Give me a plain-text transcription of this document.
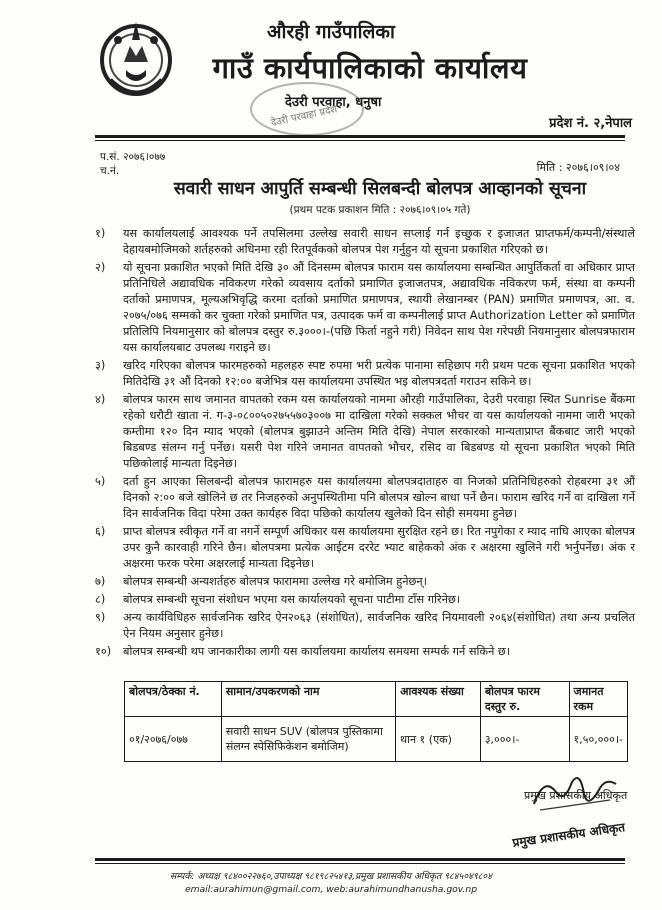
औरही गाउँपालिका
गाउँ कार्यपालिकाको कार्यालय
देउरी परवाहा प्रदेश
देउरी परवाहा, धनुषा
प्रदेश नं. २,नेपाल
प.सं. २०७६।०७७
च.नं.	मिति : २०७६।०९।०४
सवारी साधन आपुर्ति सम्बन्धी सिलबन्दी बोलपत्र आव्हानको सूचना
(प्रथम पटक प्रकाशन मिति : २०७६।०९।०५ गते)
१)	यस कार्यालयलाई आवश्यक पर्ने तपसिलमा उल्लेख सवारी साधन सप्लाई गर्न इच्छुक र इजाजत प्राप्तफर्म/कम्पनी/संस्थाले देहायबमोजिमको शर्तहरुको अधिनमा रही रितपूर्वकको बोलपत्र पेश गर्नुहुन यो सूचना प्रकाशित गरिएको छ।
२)	यो सूचना प्रकाशित भएको मिति देखि ३० औं दिनसम्म बोलपत्र फाराम यस कार्यालयमा सम्बन्धित आपुर्तिकर्ता वा अधिकार प्राप्त प्रतिनिधिले अद्यावधिक नविकरण गरेको व्यवसाय दर्ताको प्रमाणित इजाजतपत्र, अद्यावधिक नविकरण फर्म, संस्था वा कम्पनी दर्ताको प्रमाणपत्र, मूल्यअभिवृद्धि करमा दर्ताको प्रमाणित प्रमाणपत्र, स्थायी लेखानम्बर (PAN) प्रमाणित प्रमाणपत्र, आ. व. २०७५/०७६ सम्मको कर चुक्ता गरेको प्रमाणित पत्र, उत्पादक फर्म वा कम्पनीलाई प्राप्त Authorization Letter को प्रमाणित प्रतिलिपि नियमानुसार को बोलपत्र दस्तुर रु.३०००।-(पछि फिर्ता नहुने गरी) निवेदन साथ पेश गरेपछी नियमानुसार बोलपत्रफाराम यस कार्यालयबाट उपलब्ध गराइने छ।
३)	खरिद गरिएका बोलपत्र फारमहरुको महलहरु स्पष्ट रुपमा भरी प्रत्येक पानामा सहिछाप गरी प्रथम पटक सूचना प्रकाशित भएको मितिदेखि ३१ औं दिनको १२:०० बजेभित्र यस कार्यालयमा उपस्थित भइ बोलपत्रदर्ता गराउन सकिने छ।
४)	बोलपत्र फारम साथ जमानत वापतको रकम यस कार्यालयको नाममा औरही गाउँपालिका, देउरी परवाहा स्थित Sunrise बैंकमा रहेको धरौटी खाता नं. ग-३-०८००५०२७५५७०३००७ मा दाखिला गरेको सक्कल भौचर वा यस कार्यालयको नाममा जारी भएको कम्तीमा १२० दिन म्याद भएको (बोलपत्र बुझाउने अन्तिम मिति देखि) नेपाल सरकारको मान्यताप्राप्त बैंकबाट जारी भएको बिडबण्ड संलग्न गर्नु पर्नेछ। यसरी पेश गरिने जमानत वापतको भौचर, रसिद वा बिडबण्ड यो सूचना प्रकाशित भएको मिति पछिकोलाई मान्यता दिइनेछ।
५)	दर्ता हुन आएका सिलबन्दी बोलपत्र फारामहरु यस कार्यालयमा बोलपत्रदाताहरु वा निजको प्रतिनिधिहरुको रोहबरमा ३१ औं दिनको २:०० बजे खोलिने छ तर निजहरुको अनुपस्थितीमा पनि बोलपत्र खोल्न बाधा पर्ने छैन। फाराम खरिद गर्ने वा दाखिला गर्ने दिन सार्वजनिक विदा परेमा उक्त कार्यहरु विदा पछिको कार्यालय खुलेको दिन सोही समयमा हुनेछ।
६)	प्राप्त बोलपत्र स्वीकृत गर्ने वा नगर्ने सम्पूर्ण अधिकार यस कार्यालयमा सुरक्षित रहने छ। रित नपुगेका र म्याद नाघि आएका बोलपत्र उपर कुनै कारवाही गरिने छैन। बोलपत्रमा प्रत्येक आईटम दररेट भ्याट बाहेकको अंक र अक्षरमा खुलिने गरी भर्नुपर्नेछ। अंक र अक्षरमा फरक परेमा अक्षरलाई मान्यता दिइनेछ।
७)	बोलपत्र सम्बन्धी अन्यशर्तहरु बोलपत्र फाराममा उल्लेख गरे बमोजिम हुनेछन्।
८)	बोलपत्र सम्बन्धी सूचना संशोधन भएमा यस कार्यालयको सूचना पाटीमा टाँस गरिनेछ।
९)	अन्य कार्यविधिहरु सार्वजनिक खरिद ऐन२०६३ (संशोधित), सार्वजनिक खरिद नियमावली २०६४(संशोधित) तथा अन्य प्रचलित ऐन नियम अनुसार हुनेछ।
१०)	बोलपत्र सम्बन्धी थप जानकारीका लागी यस कार्यालयमा कार्यालय समयमा सम्पर्क गर्न सकिने छ।
बोलपत्र/ठेक्का नं.	सामान/उपकरणको नाम	आवश्यक संख्या	बोलपत्र फारम दस्तुर रु.	जमानत रकम
०१/२०७६/०७७	सवारी साधन SUV (बोलपत्र पुस्तिकामा संलग्न स्पेसिफिकेशन बमोजिम)	थान १ (एक)	३,०००।-	१,५०,०००।-
प्रमुख प्रशासकीय अधिकृत
प्रमुख प्रशासकीय अधिकृत
सम्पर्क: अध्यक्ष ९८४००२२७६०,उपाध्यक्ष ९८१९८२५४१३,प्रमुख प्रशासकीय अधिकृत ९८४५०४९८०४
email:aurahimun@gmail.com, web:aurahimundhanusha.gov.np
